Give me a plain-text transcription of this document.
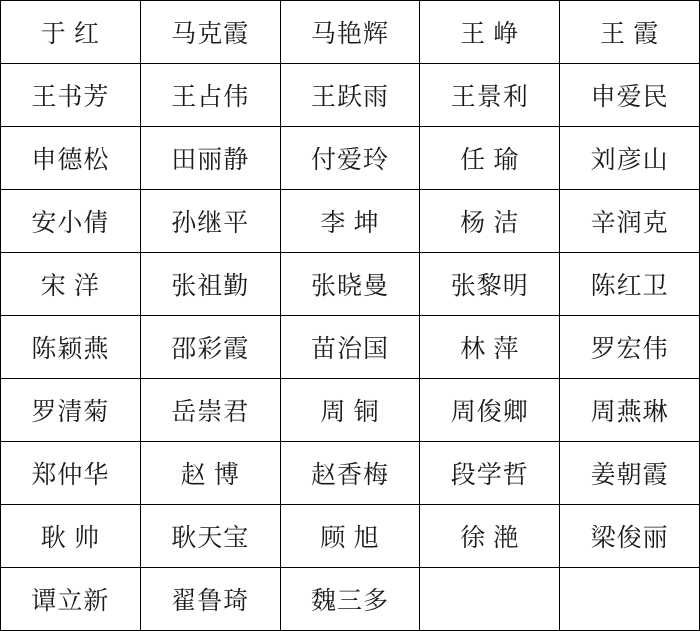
于 红	马克霞	马艳辉	王 峥	王 霞
王书芳	王占伟	王跃雨	王景利	申爱民
申德松	田丽静	付爱玲	任 瑜	刘彦山
安小倩	孙继平	李 坤	杨 洁	辛润克
宋 洋	张祖勤	张晓曼	张黎明	陈红卫
陈颖燕	邵彩霞	苗治国	林 萍	罗宏伟
罗清菊	岳崇君	周 铜	周俊卿	周燕琳
郑仲华	赵 博	赵香梅	段学哲	姜朝霞
耿 帅	耿天宝	顾 旭	徐 滟	梁俊丽
谭立新	翟鲁琦	魏三多		
